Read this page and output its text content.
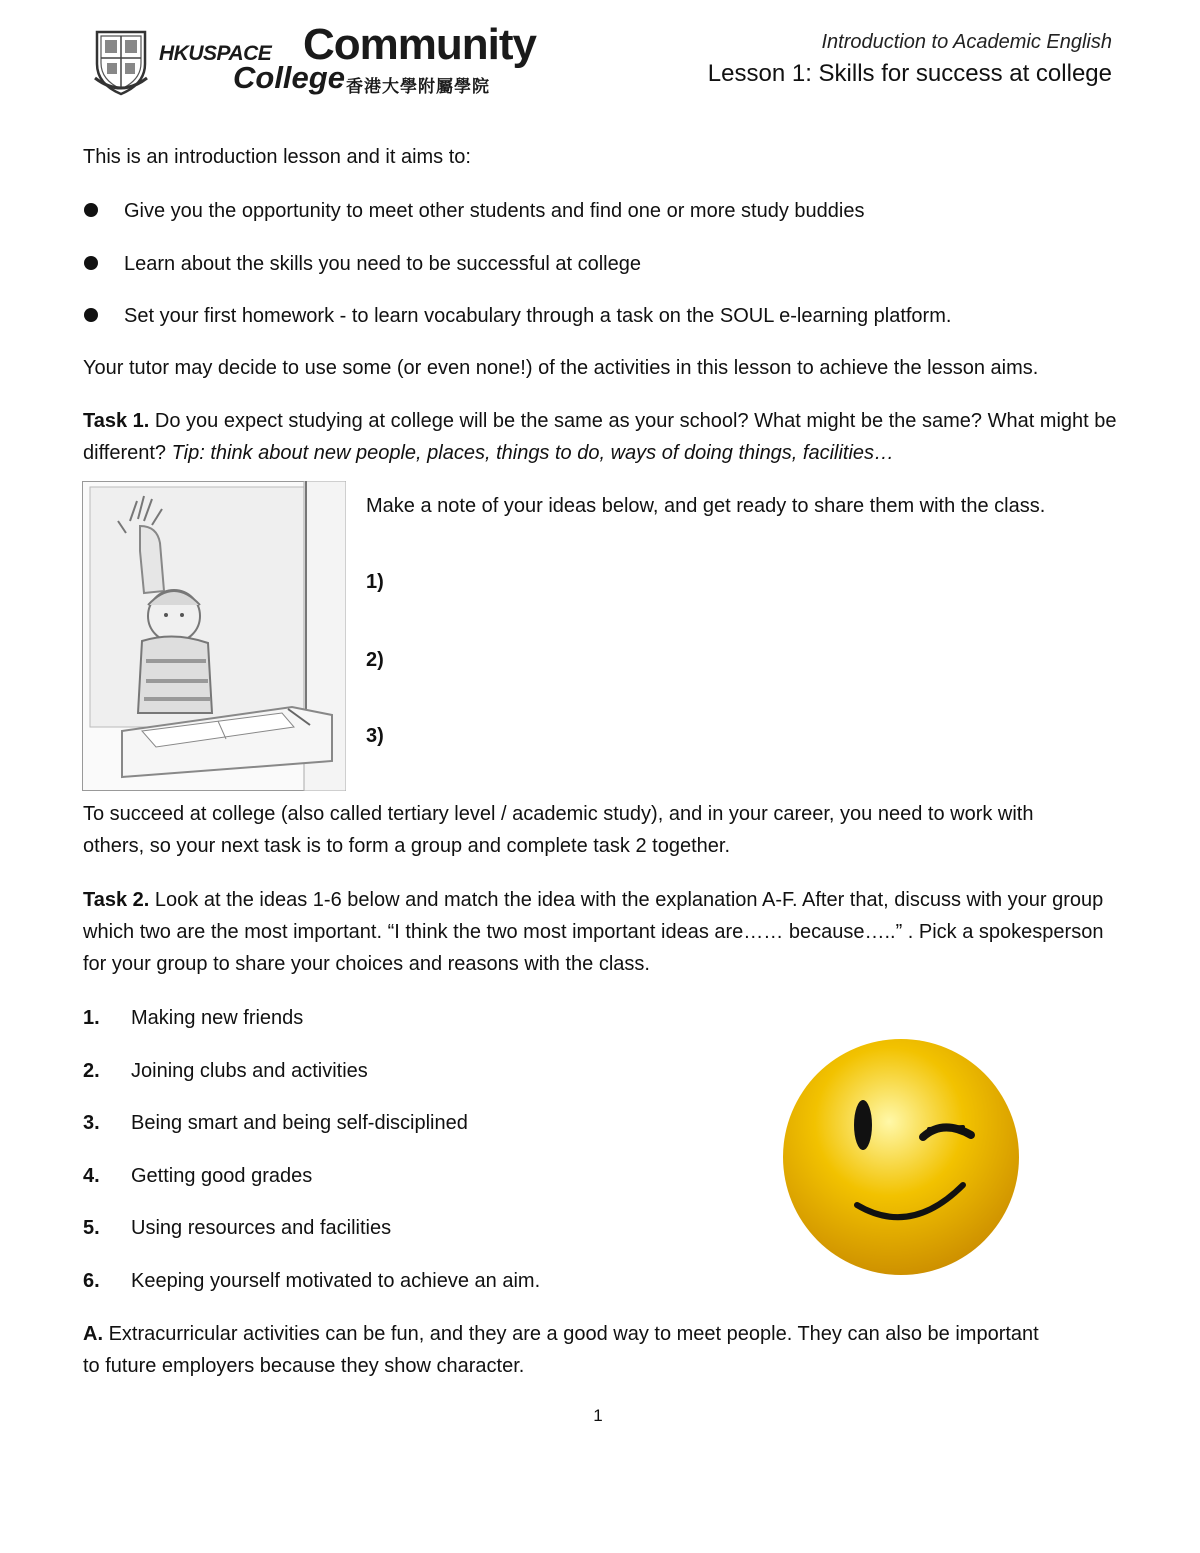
HKUSPACE Community
College 香港大學附屬學院
Introduction to Academic English
Lesson 1: Skills for success at college
This is an introduction lesson and it aims to:
Give you the opportunity to meet other students and find one or more study buddies
Learn about the skills you need to be successful at college
Set your first homework - to learn vocabulary through a task on the SOUL e-learning platform.
Your tutor may decide to use some (or even none!) of the activities in this lesson to achieve the lesson aims.
Task 1. Do you expect studying at college will be the same as your school? What might be the same? What might be different? Tip: think about new people, places, things to do, ways of doing things, facilities…
Make a note of your ideas below, and get ready to share them with the class.
1)
2)
3)
To succeed at college (also called tertiary level / academic study), and in your career, you need to work with others, so your next task is to form a group and complete task 2 together.
Task 2. Look at the ideas 1-6 below and match the idea with the explanation A-F. After that, discuss with your group which two are the most important. “I think the two most important ideas are…… because…..” . Pick a spokesperson for your group to share your choices and reasons with the class.
1. Making new friends
2. Joining clubs and activities
3. Being smart and being self-disciplined
4. Getting good grades
5. Using resources and facilities
6. Keeping yourself motivated to achieve an aim.
A. Extracurricular activities can be fun, and they are a good way to meet people. They can also be important to future employers because they show character.
1
